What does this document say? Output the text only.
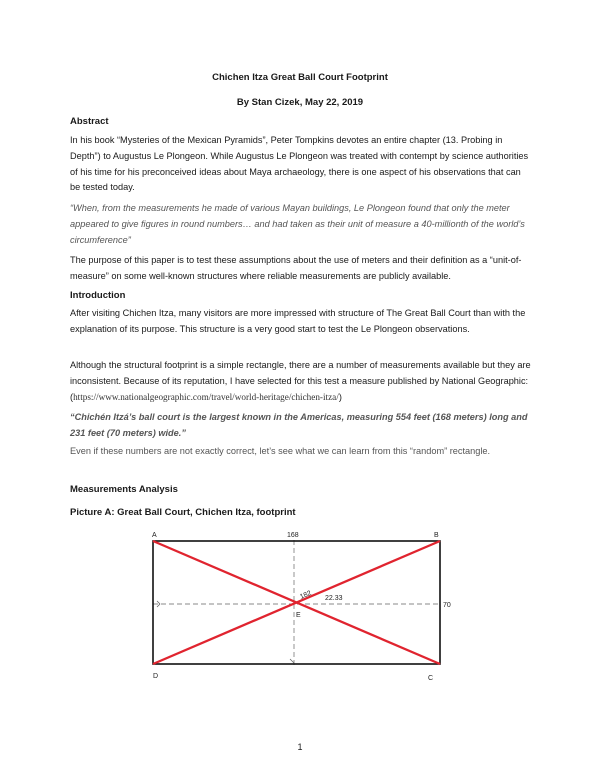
Chichen Itza Great Ball Court Footprint
By Stan Cizek, May 22, 2019
Abstract
In his book “Mysteries of the Mexican Pyramids”, Peter Tompkins devotes an entire chapter (13. Probing in Depth”) to Augustus Le Plongeon. While Augustus Le Plongeon was treated with contempt by science authorities of his time for his preconceived ideas about Maya archaeology, there is one aspect of his observations that can be tested today.
“When, from the measurements he made of various Mayan buildings, Le Plongeon found that only the meter appeared to give figures in round numbers… and had taken as their unit of measure a 40-millionth of the world’s circumference”
The purpose of this paper is to test these assumptions about the use of meters and their definition as a “unit-of-measure” on some well-known structures where reliable measurements are publicly available.
Introduction
After visiting Chichen Itza, many visitors are more impressed with structure of The Great Ball Court than with the explanation of its purpose. This structure is a very good start to test the Le Plongeon observations.
Although the structural footprint is a simple rectangle, there are a number of measurements available but they are inconsistent. Because of its reputation, I have selected for this test a measure published by National Geographic: (https://www.nationalgeographic.com/travel/world-heritage/chichen-itza/)
“Chichén Itzá’s ball court is the largest known in the Americas, measuring 554 feet (168 meters) long and 231 feet (70 meters) wide.”
Even if these numbers are not exactly correct, let’s see what we can learn from this “random” rectangle.
Measurements Analysis
Picture A: Great Ball Court, Chichen Itza, footprint
A	B
C
D
E
168
70
182 22.33
1
